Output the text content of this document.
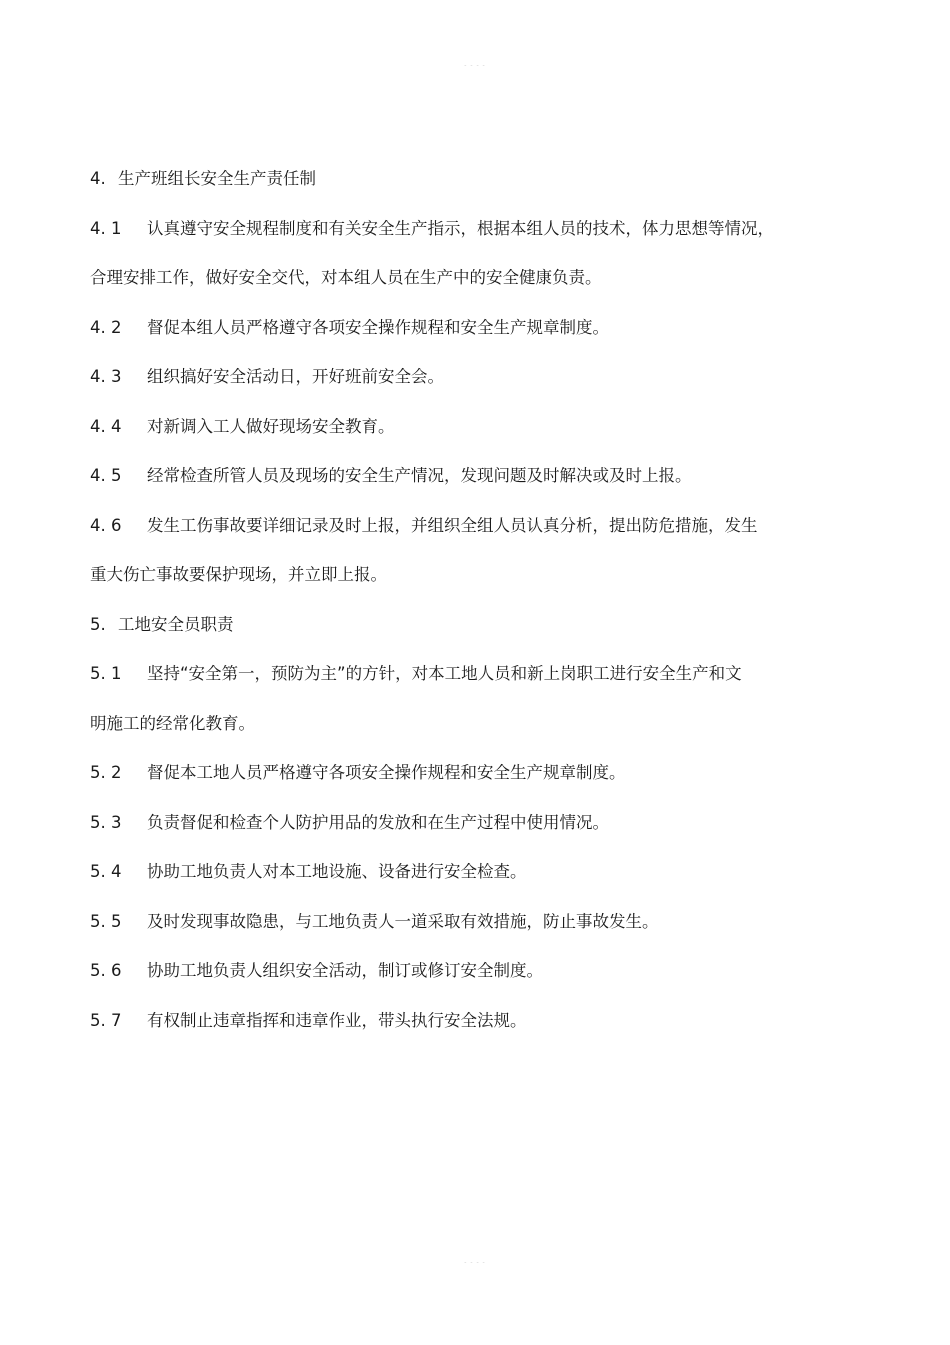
- - - -
4. 生产班组长安全生产责任制
4. 1 认真遵守安全规程制度和有关安全生产指示，根据本组人员的技术，体力思想等情况，
合理安排工作，做好安全交代，对本组人员在生产中的安全健康负责。
4. 2 督促本组人员严格遵守各项安全操作规程和安全生产规章制度。
4. 3 组织搞好安全活动日，开好班前安全会。
4. 4 对新调入工人做好现场安全教育。
4. 5 经常检查所管人员及现场的安全生产情况，发现问题及时解决或及时上报。
4. 6 发生工伤事故要详细记录及时上报，并组织全组人员认真分析，提出防危措施，发生
重大伤亡事故要保护现场，并立即上报。
5. 工地安全员职责
5. 1 坚持“安全第一，预防为主”的方针，对本工地人员和新上岗职工进行安全生产和文
明施工的经常化教育。
5. 2 督促本工地人员严格遵守各项安全操作规程和安全生产规章制度。
5. 3 负责督促和检查个人防护用品的发放和在生产过程中使用情况。
5. 4 协助工地负责人对本工地设施、设备进行安全检查。
5. 5 及时发现事故隐患，与工地负责人一道采取有效措施，防止事故发生。
5. 6 协助工地负责人组织安全活动，制订或修订安全制度。
5. 7 有权制止违章指挥和违章作业，带头执行安全法规。
- - - -
